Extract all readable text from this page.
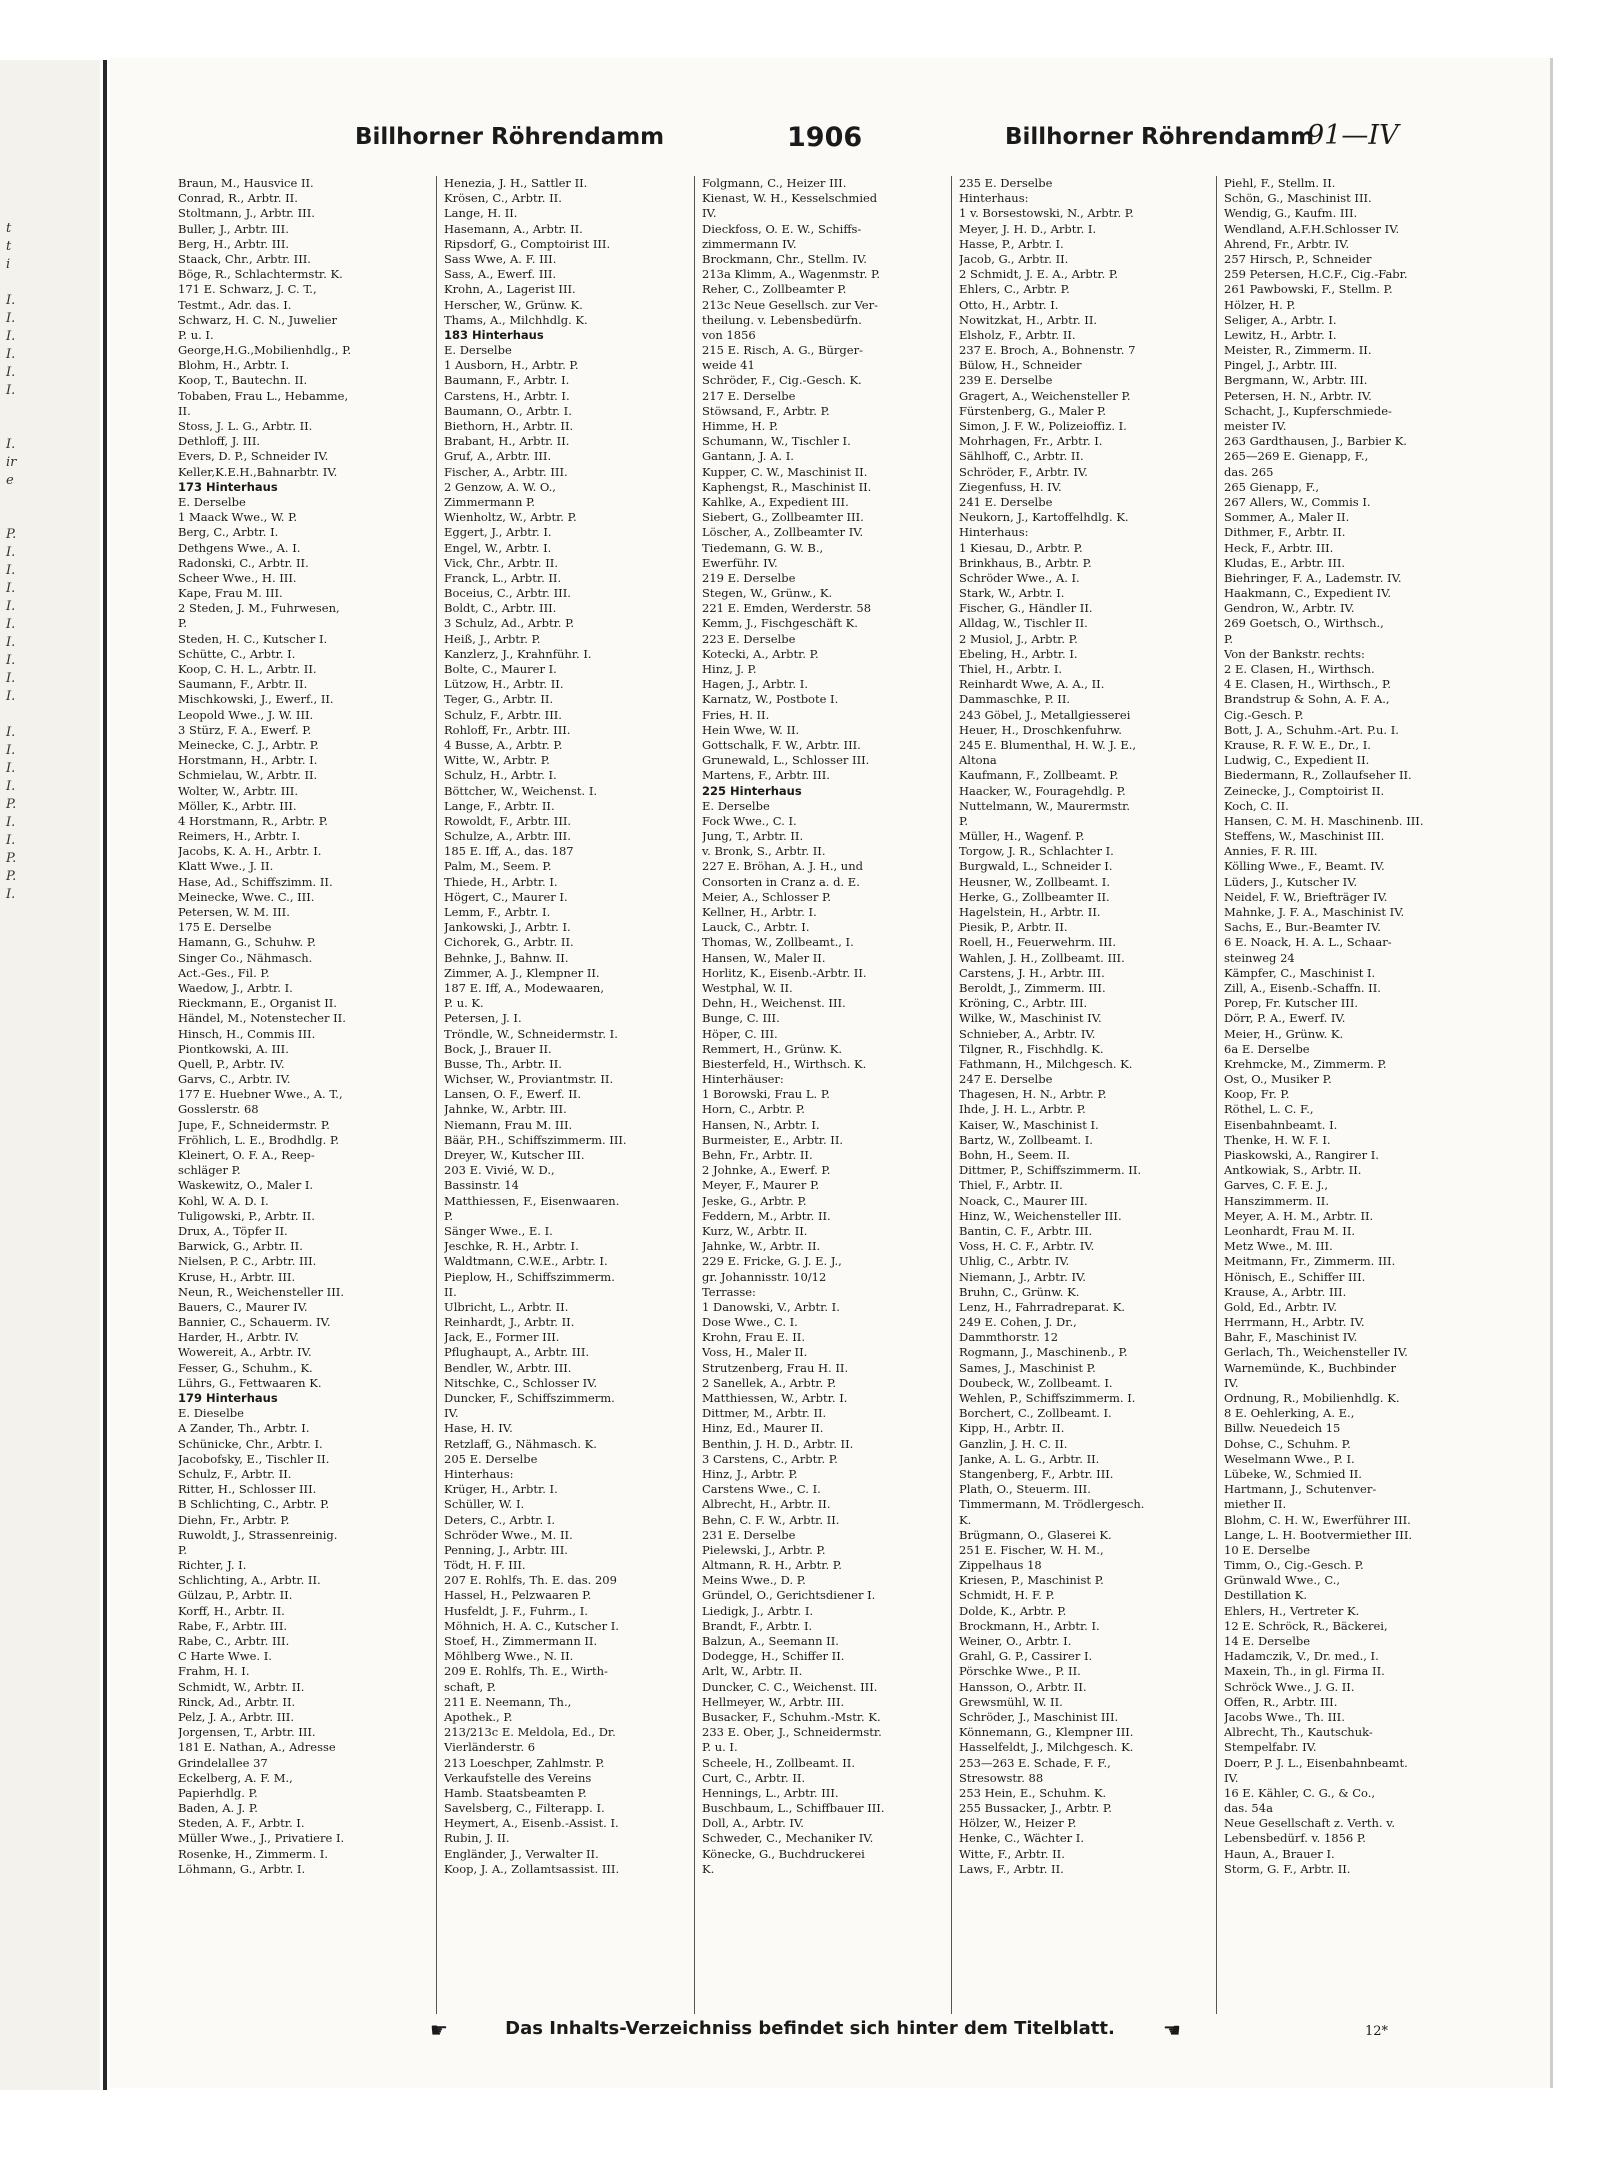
t
t
i
I.
I.
I.
I.
I.
I.
I.
ir
e
P.
I.
I.
I.
I.
I.
I.
I.
I.
I.
I.
I.
I.
I.
P.
I.
I.
P.
P.
I.
Billhorner Röhrendamm	1906	Billhorner Röhrendamm
91—IV
Braun, M., Hausvice II.
Conrad, R., Arbtr. II.
Stoltmann, J., Arbtr. III.
Buller, J., Arbtr. III.
Berg, H., Arbtr. III.
Staack, Chr., Arbtr. III.
Böge, R., Schlachtermstr. K.
171 E. Schwarz, J. C. T.,
Testmt., Adr. das. I.
Schwarz, H. C. N., Juwelier
P. u. I.
George,H.G.,Mobilienhdlg., P.
Blohm, H., Arbtr. I.
Koop, T., Bautechn. II.
Tobaben, Frau L., Hebamme,
II.
Stoss, J. L. G., Arbtr. II.
Dethloff, J. III.
Evers, D. P., Schneider IV.
Keller,K.E.H.,Bahnarbtr. IV.
173 Hinterhaus
E. Derselbe
1 Maack Wwe., W. P.
Berg, C., Arbtr. I.
Dethgens Wwe., A. I.
Radonski, C., Arbtr. II.
Scheer Wwe., H. III.
Kape, Frau M. III.
2 Steden, J. M., Fuhrwesen,
P.
Steden, H. C., Kutscher I.
Schütte, C., Arbtr. I.
Koop, C. H. L., Arbtr. II.
Saumann, F., Arbtr. II.
Mischkowski, J., Ewerf., II.
Leopold Wwe., J. W. III.
3 Stürz, F. A., Ewerf. P.
Meinecke, C. J., Arbtr. P.
Horstmann, H., Arbtr. I.
Schmielau, W., Arbtr. II.
Wolter, W., Arbtr. III.
Möller, K., Arbtr. III.
4 Horstmann, R., Arbtr. P.
Reimers, H., Arbtr. I.
Jacobs, K. A. H., Arbtr. I.
Klatt Wwe., J. II.
Hase, Ad., Schiffszimm. II.
Meinecke, Wwe. C., III.
Petersen, W. M. III.
175 E. Derselbe
Hamann, G., Schuhw. P.
Singer Co., Nähmasch.
Act.-Ges., Fil. P.
Waedow, J., Arbtr. I.
Rieckmann, E., Organist II.
Händel, M., Notenstecher II.
Hinsch, H., Commis III.
Piontkowski, A. III.
Quell, P., Arbtr. IV.
Garvs, C., Arbtr. IV.
177 E. Huebner Wwe., A. T.,
Gosslerstr. 68
Jupe, F., Schneidermstr. P.
Fröhlich, L. E., Brodhdlg. P.
Kleinert, O. F. A., Reep-
schläger P.
Waskewitz, O., Maler I.
Kohl, W. A. D. I.
Tuligowski, P., Arbtr. II.
Drux, A., Töpfer II.
Barwick, G., Arbtr. II.
Nielsen, P. C., Arbtr. III.
Kruse, H., Arbtr. III.
Neun, R., Weichensteller III.
Bauers, C., Maurer IV.
Bannier, C., Schauerm. IV.
Harder, H., Arbtr. IV.
Wowereit, A., Arbtr. IV.
Fesser, G., Schuhm., K.
Lührs, G., Fettwaaren K.
179 Hinterhaus
E. Dieselbe
A Zander, Th., Arbtr. I.
Schünicke, Chr., Arbtr. I.
Jacobofsky, E., Tischler II.
Schulz, F., Arbtr. II.
Ritter, H., Schlosser III.
B Schlichting, C., Arbtr. P.
Diehn, Fr., Arbtr. P.
Ruwoldt, J., Strassenreinig.
P.
Richter, J. I.
Schlichting, A., Arbtr. II.
Gülzau, P., Arbtr. II.
Korff, H., Arbtr. II.
Rabe, F., Arbtr. III.
Rabe, C., Arbtr. III.
C Harte Wwe. I.
Frahm, H. I.
Schmidt, W., Arbtr. II.
Rinck, Ad., Arbtr. II.
Pelz, J. A., Arbtr. III.
Jorgensen, T., Arbtr. III.
181 E. Nathan, A., Adresse
Grindelallee 37
Eckelberg, A. F. M.,
Papierhdlg. P.
Baden, A. J. P.
Steden, A. F., Arbtr. I.
Müller Wwe., J., Privatiere I.
Rosenke, H., Zimmerm. I.
Löhmann, G., Arbtr. I.
Henezia, J. H., Sattler II.
Krösen, C., Arbtr. II.
Lange, H. II.
Hasemann, A., Arbtr. II.
Ripsdorf, G., Comptoirist III.
Sass Wwe, A. F. III.
Sass, A., Ewerf. III.
Krohn, A., Lagerist III.
Herscher, W., Grünw. K.
Thams, A., Milchhdlg. K.
183 Hinterhaus
E. Derselbe
1 Ausborn, H., Arbtr. P.
Baumann, F., Arbtr. I.
Carstens, H., Arbtr. I.
Baumann, O., Arbtr. I.
Biethorn, H., Arbtr. II.
Brabant, H., Arbtr. II.
Gruf, A., Arbtr. III.
Fischer, A., Arbtr. III.
2 Genzow, A. W. O.,
Zimmermann P.
Wienholtz, W., Arbtr. P.
Eggert, J., Arbtr. I.
Engel, W., Arbtr. I.
Vick, Chr., Arbtr. II.
Franck, L., Arbtr. II.
Boceius, C., Arbtr. III.
Boldt, C., Arbtr. III.
3 Schulz, Ad., Arbtr. P.
Heiß, J., Arbtr. P.
Kanzlerz, J., Krahnführ. I.
Bolte, C., Maurer I.
Lützow, H., Arbtr. II.
Teger, G., Arbtr. II.
Schulz, F., Arbtr. III.
Rohloff, Fr., Arbtr. III.
4 Busse, A., Arbtr. P.
Witte, W., Arbtr. P.
Schulz, H., Arbtr. I.
Böttcher, W., Weichenst. I.
Lange, F., Arbtr. II.
Rowoldt, F., Arbtr. III.
Schulze, A., Arbtr. III.
185 E. Iff, A., das. 187
Palm, M., Seem. P.
Thiede, H., Arbtr. I.
Högert, C., Maurer I.
Lemm, F., Arbtr. I.
Jankowski, J., Arbtr. I.
Cichorek, G., Arbtr. II.
Behnke, J., Bahnw. II.
Zimmer, A. J., Klempner II.
187 E. Iff, A., Modewaaren,
P. u. K.
Petersen, J. I.
Tröndle, W., Schneidermstr. I.
Bock, J., Brauer II.
Busse, Th., Arbtr. II.
Wichser, W., Proviantmstr. II.
Lansen, O. F., Ewerf. II.
Jahnke, W., Arbtr. III.
Niemann, Frau M. III.
Bäär, P.H., Schiffszimmerm. III.
Dreyer, W., Kutscher III.
203 E. Vivié, W. D.,
Bassinstr. 14
Matthiessen, F., Eisenwaaren.
P.
Sänger Wwe., E. I.
Jeschke, R. H., Arbtr. I.
Waldtmann, C.W.E., Arbtr. I.
Pieplow, H., Schiffszimmerm.
II.
Ulbricht, L., Arbtr. II.
Reinhardt, J., Arbtr. II.
Jack, E., Former III.
Pflughaupt, A., Arbtr. III.
Bendler, W., Arbtr. III.
Nitschke, C., Schlosser IV.
Duncker, F., Schiffszimmerm.
IV.
Hase, H. IV.
Retzlaff, G., Nähmasch. K.
205 E. Derselbe
Hinterhaus:
Krüger, H., Arbtr. I.
Schüller, W. I.
Deters, C., Arbtr. I.
Schröder Wwe., M. II.
Penning, J., Arbtr. III.
Tödt, H. F. III.
207 E. Rohlfs, Th. E. das. 209
Hassel, H., Pelzwaaren P.
Husfeldt, J. F., Fuhrm., I.
Möhnich, H. A. C., Kutscher I.
Stoef, H., Zimmermann II.
Möhlberg Wwe., N. II.
209 E. Rohlfs, Th. E., Wirth-
schaft, P.
211 E. Neemann, Th.,
Apothek., P.
213/213c E. Meldola, Ed., Dr.
Vierländerstr. 6
213 Loeschper, Zahlmstr. P.
Verkaufstelle des Vereins
Hamb. Staatsbeamten P.
Savelsberg, C., Filterapp. I.
Heymert, A., Eisenb.-Assist. I.
Rubin, J. II.
Engländer, J., Verwalter II.
Koop, J. A., Zollamtsassist. III.
Folgmann, C., Heizer III.
Kienast, W. H., Kesselschmied
IV.
Dieckfoss, O. E. W., Schiffs-
zimmermann IV.
Brockmann, Chr., Stellm. IV.
213a Klimm, A., Wagenmstr. P.
Reher, C., Zollbeamter P.
213c Neue Gesellsch. zur Ver-
theilung. v. Lebensbedürfn.
von 1856
215 E. Risch, A. G., Bürger-
weide 41
Schröder, F., Cig.-Gesch. K.
217 E. Derselbe
Stöwsand, F., Arbtr. P.
Himme, H. P.
Schumann, W., Tischler I.
Gantann, J. A. I.
Kupper, C. W., Maschinist II.
Kaphengst, R., Maschinist II.
Kahlke, A., Expedient III.
Siebert, G., Zollbeamter III.
Löscher, A., Zollbeamter IV.
Tiedemann, G. W. B.,
Ewerführ. IV.
219 E. Derselbe
Stegen, W., Grünw., K.
221 E. Emden, Werderstr. 58
Kemm, J., Fischgeschäft K.
223 E. Derselbe
Kotecki, A., Arbtr. P.
Hinz, J. P.
Hagen, J., Arbtr. I.
Karnatz, W., Postbote I.
Fries, H. II.
Hein Wwe, W. II.
Gottschalk, F. W., Arbtr. III.
Grunewald, L., Schlosser III.
Martens, F., Arbtr. III.
225 Hinterhaus
E. Derselbe
Fock Wwe., C. I.
Jung, T., Arbtr. II.
v. Bronk, S., Arbtr. II.
227 E. Bröhan, A. J. H., und
Consorten in Cranz a. d. E.
Meier, A., Schlosser P.
Kellner, H., Arbtr. I.
Lauck, C., Arbtr. I.
Thomas, W., Zollbeamt., I.
Hansen, W., Maler II.
Horlitz, K., Eisenb.-Arbtr. II.
Westphal, W. II.
Dehn, H., Weichenst. III.
Bunge, C. III.
Höper, C. III.
Remmert, H., Grünw. K.
Biesterfeld, H., Wirthsch. K.
Hinterhäuser:
1 Borowski, Frau L. P.
Horn, C., Arbtr. P.
Hansen, N., Arbtr. I.
Burmeister, E., Arbtr. II.
Behn, Fr., Arbtr. II.
2 Johnke, A., Ewerf. P.
Meyer, F., Maurer P.
Jeske, G., Arbtr. P.
Feddern, M., Arbtr. II.
Kurz, W., Arbtr. II.
Jahnke, W., Arbtr. II.
229 E. Fricke, G. J. E. J.,
gr. Johannisstr. 10/12
Terrasse:
1 Danowski, V., Arbtr. I.
Dose Wwe., C. I.
Krohn, Frau E. II.
Voss, H., Maler II.
Strutzenberg, Frau H. II.
2 Sanellek, A., Arbtr. P.
Matthiessen, W., Arbtr. I.
Dittmer, M., Arbtr. II.
Hinz, Ed., Maurer II.
Benthin, J. H. D., Arbtr. II.
3 Carstens, C., Arbtr. P.
Hinz, J., Arbtr. P.
Carstens Wwe., C. I.
Albrecht, H., Arbtr. II.
Behn, C. F. W., Arbtr. II.
231 E. Derselbe
Pielewski, J., Arbtr. P.
Altmann, R. H., Arbtr. P.
Meins Wwe., D. P.
Gründel, O., Gerichtsdiener I.
Liedigk, J., Arbtr. I.
Brandt, F., Arbtr. I.
Balzun, A., Seemann II.
Dodegge, H., Schiffer II.
Arlt, W., Arbtr. II.
Duncker, C. C., Weichenst. III.
Hellmeyer, W., Arbtr. III.
Busacker, F., Schuhm.-Mstr. K.
233 E. Ober, J., Schneidermstr.
P. u. I.
Scheele, H., Zollbeamt. II.
Curt, C., Arbtr. II.
Hennings, L., Arbtr. III.
Buschbaum, L., Schiffbauer III.
Doll, A., Arbtr. IV.
Schweder, C., Mechaniker IV.
Könecke, G., Buchdruckerei
K.
235 E. Derselbe
Hinterhaus:
1 v. Borsestowski, N., Arbtr. P.
Meyer, J. H. D., Arbtr. I.
Hasse, P., Arbtr. I.
Jacob, G., Arbtr. II.
2 Schmidt, J. E. A., Arbtr. P.
Ehlers, C., Arbtr. P.
Otto, H., Arbtr. I.
Nowitzkat, H., Arbtr. II.
Elsholz, F., Arbtr. II.
237 E. Broch, A., Bohnenstr. 7
Bülow, H., Schneider
239 E. Derselbe
Gragert, A., Weichensteller P.
Fürstenberg, G., Maler P.
Simon, J. F. W., Polizeioffiz. I.
Mohrhagen, Fr., Arbtr. I.
Sählhoff, C., Arbtr. II.
Schröder, F., Arbtr. IV.
Ziegenfuss, H. IV.
241 E. Derselbe
Neukorn, J., Kartoffelhdlg. K.
Hinterhaus:
1 Kiesau, D., Arbtr. P.
Brinkhaus, B., Arbtr. P.
Schröder Wwe., A. I.
Stark, W., Arbtr. I.
Fischer, G., Händler II.
Alldag, W., Tischler II.
2 Musiol, J., Arbtr. P.
Ebeling, H., Arbtr. I.
Thiel, H., Arbtr. I.
Reinhardt Wwe, A. A., II.
Dammaschke, P. II.
243 Göbel, J., Metallgiesserei
Heuer, H., Droschkenfuhrw.
245 E. Blumenthal, H. W. J. E.,
Altona
Kaufmann, F., Zollbeamt. P.
Haacker, W., Fouragehdlg. P.
Nuttelmann, W., Maurermstr.
P.
Müller, H., Wagenf. P.
Torgow, J. R., Schlachter I.
Burgwald, L., Schneider I.
Heusner, W., Zollbeamt. I.
Herke, G., Zollbeamter II.
Hagelstein, H., Arbtr. II.
Piesik, P., Arbtr. II.
Roell, H., Feuerwehrm. III.
Wahlen, J. H., Zollbeamt. III.
Carstens, J. H., Arbtr. III.
Beroldt, J., Zimmerm. III.
Kröning, C., Arbtr. III.
Wilke, W., Maschinist IV.
Schnieber, A., Arbtr. IV.
Tilgner, R., Fischhdlg. K.
Fathmann, H., Milchgesch. K.
247 E. Derselbe
Thagesen, H. N., Arbtr. P.
Ihde, J. H. L., Arbtr. P.
Kaiser, W., Maschinist I.
Bartz, W., Zollbeamt. I.
Bohn, H., Seem. II.
Dittmer, P., Schiffszimmerm. II.
Thiel, F., Arbtr. II.
Noack, C., Maurer III.
Hinz, W., Weichensteller III.
Bantin, C. F., Arbtr. III.
Voss, H. C. F., Arbtr. IV.
Uhlig, C., Arbtr. IV.
Niemann, J., Arbtr. IV.
Bruhn, C., Grünw. K.
Lenz, H., Fahrradreparat. K.
249 E. Cohen, J. Dr.,
Dammthorstr. 12
Rogmann, J., Maschinenb., P.
Sames, J., Maschinist P.
Doubeck, W., Zollbeamt. I.
Wehlen, P., Schiffszimmerm. I.
Borchert, C., Zollbeamt. I.
Kipp, H., Arbtr. II.
Ganzlin, J. H. C. II.
Janke, A. L. G., Arbtr. II.
Stangenberg, F., Arbtr. III.
Plath, O., Steuerm. III.
Timmermann, M. Trödlergesch.
K.
Brügmann, O., Glaserei K.
251 E. Fischer, W. H. M.,
Zippelhaus 18
Kriesen, P., Maschinist P.
Schmidt, H. F. P.
Dolde, K., Arbtr. P.
Brockmann, H., Arbtr. I.
Weiner, O., Arbtr. I.
Grahl, G. P., Cassirer I.
Pörschke Wwe., P. II.
Hansson, O., Arbtr. II.
Grewsmühl, W. II.
Schröder, J., Maschinist III.
Könnemann, G., Klempner III.
Hasselfeldt, J., Milchgesch. K.
253—263 E. Schade, F. F.,
Stresowstr. 88
253 Hein, E., Schuhm. K.
255 Bussacker, J., Arbtr. P.
Hölzer, W., Heizer P.
Henke, C., Wächter I.
Witte, F., Arbtr. II.
Laws, F., Arbtr. II.
Piehl, F., Stellm. II.
Schön, G., Maschinist III.
Wendig, G., Kaufm. III.
Wendland, A.F.H.Schlosser IV.
Ahrend, Fr., Arbtr. IV.
257 Hirsch, P., Schneider
259 Petersen, H.C.F., Cig.-Fabr.
261 Pawbowski, F., Stellm. P.
Hölzer, H. P.
Seliger, A., Arbtr. I.
Lewitz, H., Arbtr. I.
Meister, R., Zimmerm. II.
Pingel, J., Arbtr. III.
Bergmann, W., Arbtr. III.
Petersen, H. N., Arbtr. IV.
Schacht, J., Kupferschmiede-
meister IV.
263 Gardthausen, J., Barbier K.
265—269 E. Gienapp, F.,
das. 265
265 Gienapp, F.,
267 Allers, W., Commis I.
Sommer, A., Maler II.
Dithmer, F., Arbtr. II.
Heck, F., Arbtr. III.
Kludas, E., Arbtr. III.
Biehringer, F. A., Lademstr. IV.
Haakmann, C., Expedient IV.
Gendron, W., Arbtr. IV.
269 Goetsch, O., Wirthsch.,
P.
Von der Bankstr. rechts:
2 E. Clasen, H., Wirthsch.
4 E. Clasen, H., Wirthsch., P.
Brandstrup & Sohn, A. F. A.,
Cig.-Gesch. P.
Bott, J. A., Schuhm.-Art. P.u. I.
Krause, R. F. W. E., Dr., I.
Ludwig, C., Expedient II.
Biedermann, R., Zollaufseher II.
Zeinecke, J., Comptoirist II.
Koch, C. II.
Hansen, C. M. H. Maschinenb. III.
Steffens, W., Maschinist III.
Annies, F. R. III.
Kölling Wwe., F., Beamt. IV.
Lüders, J., Kutscher IV.
Neidel, F. W., Briefträger IV.
Mahnke, J. F. A., Maschinist IV.
Sachs, E., Bur.-Beamter IV.
6 E. Noack, H. A. L., Schaar-
steinweg 24
Kämpfer, C., Maschinist I.
Zill, A., Eisenb.-Schaffn. II.
Porep, Fr. Kutscher III.
Dörr, P. A., Ewerf. IV.
Meier, H., Grünw. K.
6a E. Derselbe
Krehmcke, M., Zimmerm. P.
Ost, O., Musiker P.
Koop, Fr. P.
Röthel, L. C. F.,
Eisenbahnbeamt. I.
Thenke, H. W. F. I.
Piaskowski, A., Rangirer I.
Antkowiak, S., Arbtr. II.
Garves, C. F. E. J.,
Hanszimmerm. II.
Meyer, A. H. M., Arbtr. II.
Leonhardt, Frau M. II.
Metz Wwe., M. III.
Meitmann, Fr., Zimmerm. III.
Hönisch, E., Schiffer III.
Krause, A., Arbtr. III.
Gold, Ed., Arbtr. IV.
Herrmann, H., Arbtr. IV.
Bahr, F., Maschinist IV.
Gerlach, Th., Weichensteller IV.
Warnemünde, K., Buchbinder
IV.
Ordnung, R., Mobilienhdlg. K.
8 E. Oehlerking, A. E.,
Billw. Neuedeich 15
Dohse, C., Schuhm. P.
Weselmann Wwe., P. I.
Lübeke, W., Schmied II.
Hartmann, J., Schutenver-
miether II.
Blohm, C. H. W., Ewerführer III.
Lange, L. H. Bootvermiether III.
10 E. Derselbe
Timm, O., Cig.-Gesch. P.
Grünwald Wwe., C.,
Destillation K.
Ehlers, H., Vertreter K.
12 E. Schröck, R., Bäckerei,
14 E. Derselbe
Hadamczik, V., Dr. med., I.
Maxein, Th., in gl. Firma II.
Schröck Wwe., J. G. II.
Offen, R., Arbtr. III.
Jacobs Wwe., Th. III.
Albrecht, Th., Kautschuk-
Stempelfabr. IV.
Doerr, P. J. L., Eisenbahnbeamt.
IV.
16 E. Kähler, C. G., & Co.,
das. 54a
Neue Gesellschaft z. Verth. v.
Lebensbedürf. v. 1856 P.
Haun, A., Brauer I.
Storm, G. F., Arbtr. II.
☛	Das Inhalts-Verzeichniss befindet sich hinter dem Titelblatt.	☚	12*
